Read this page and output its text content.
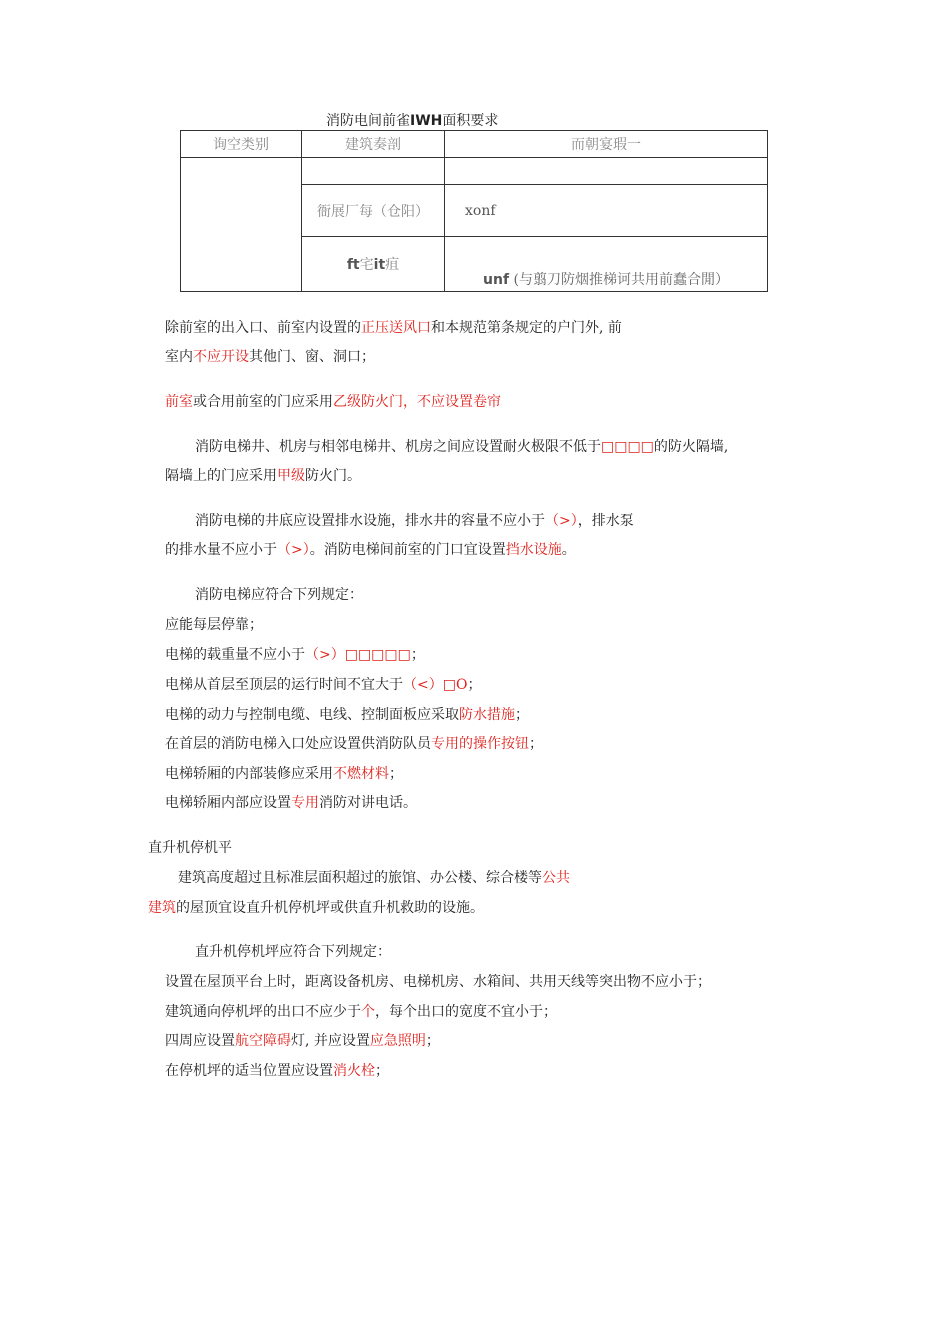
消防电间前雀IWH面积要求
询空类别	建筑奏剖	而朝宴瑕一

	衙展厂每（仓阳）	xonf
	ft宅it疽	unf (与翦刀防烟推梯诃共用前蠢合閒）
除前室的出入口、前室内设置的正压送风口和本规范第条规定的户门外, 前
室内不应开设其他门、窗、洞口；
前室或合用前室的门应采用乙级防火门，不应设置卷帘
消防电梯井、机房与相邻电梯井、机房之间应设置耐火极限不低于□□□□的防火隔墙,
隔墙上的门应采用甲级防火门。
消防电梯的井底应设置排水设施，排水井的容量不应小于（>），排水泵
的排水量不应小于（>）。消防电梯间前室的门口宜设置挡水设施。
消防电梯应符合下列规定：
应能每层停靠；
电梯的载重量不应小于（>）□□□□□；
电梯从首层至顶层的运行时间不宜大于（<）□O；
电梯的动力与控制电缆、电线、控制面板应采取防水措施；
在首层的消防电梯入口处应设置供消防队员专用的操作按钮；
电梯轿厢的内部装修应采用不燃材料；
电梯轿厢内部应设置专用消防对讲电话。
直升机停机平
建筑高度超过且标准层面积超过的旅馆、办公楼、综合楼等公共
建筑的屋顶宜设直升机停机坪或供直升机救助的设施。
直升机停机坪应符合下列规定：
设置在屋顶平台上时，距离设备机房、电梯机房、水箱间、共用天线等突出物不应小于；
建筑通向停机坪的出口不应少于个，每个出口的宽度不宜小于；
四周应设置航空障碍灯, 并应设置应急照明；
在停机坪的适当位置应设置消火栓；
